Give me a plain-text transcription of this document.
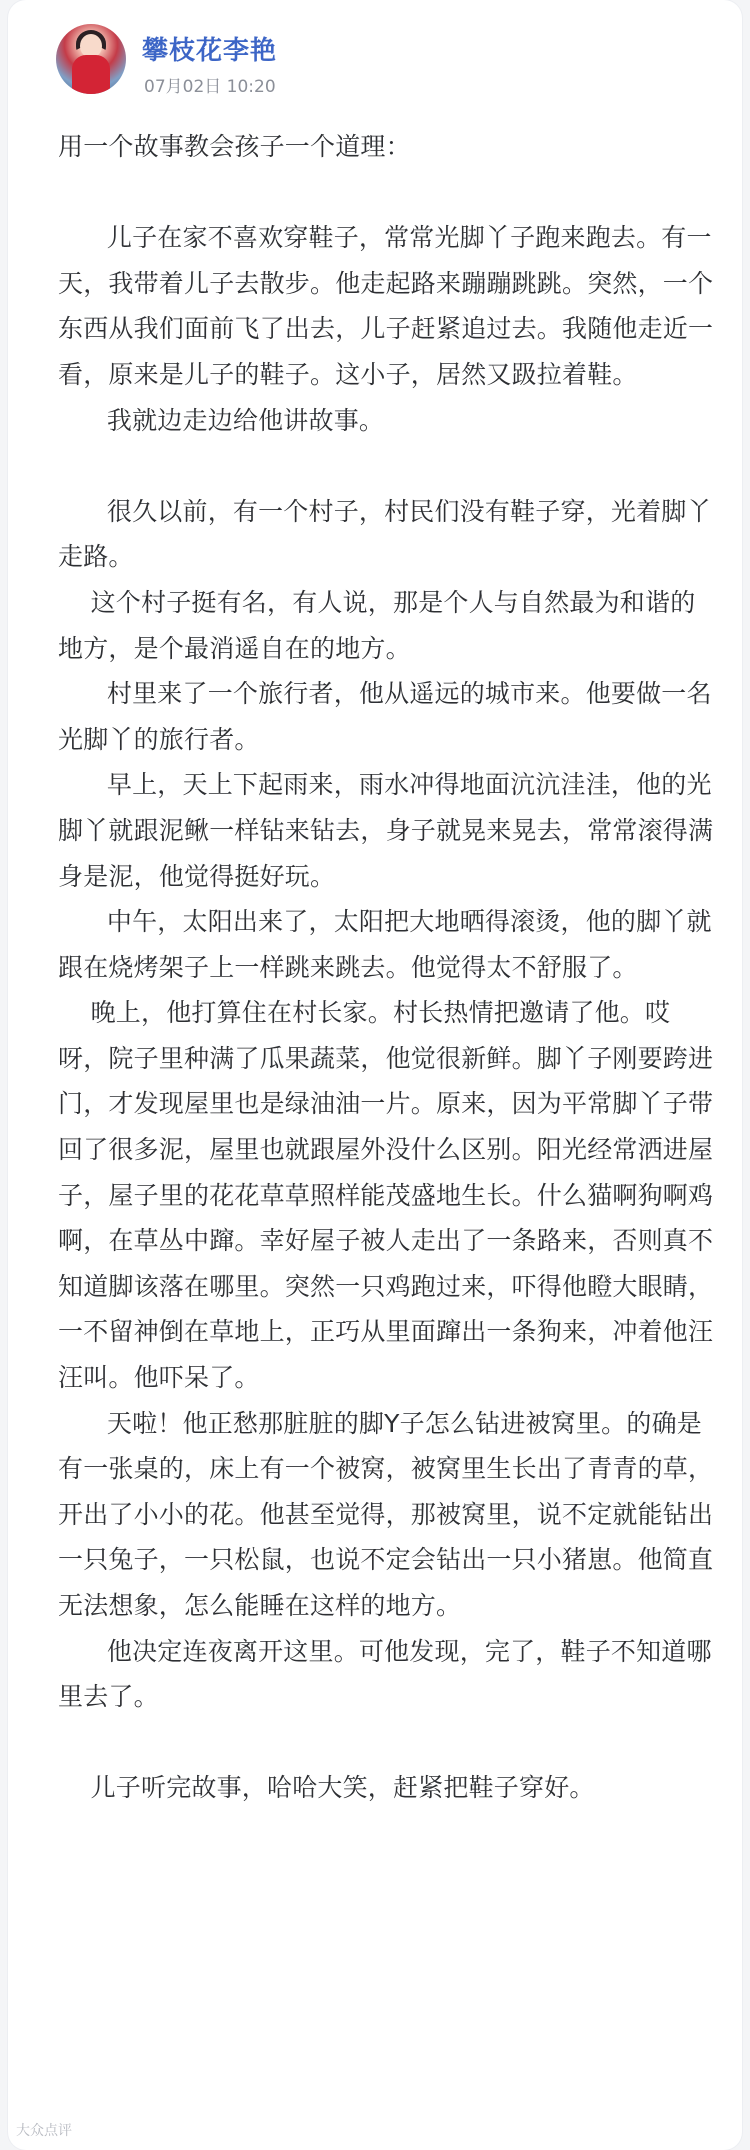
攀枝花李艳
07月02日 10:20

用一个故事教会孩子一个道理：

儿子在家不喜欢穿鞋子，常常光脚丫子跑来跑去。有一天，我带着儿子去散步。他走起路来蹦蹦跳跳。突然，一个东西从我们面前飞了出去，儿子赶紧追过去。我随他走近一看，原来是儿子的鞋子。这小子，居然又趿拉着鞋。

我就边走边给他讲故事。

很久以前，有一个村子，村民们没有鞋子穿，光着脚丫走路。

这个村子挺有名，有人说，那是个人与自然最为和谐的地方，是个最消遥自在的地方。

村里来了一个旅行者，他从遥远的城市来。他要做一名光脚丫的旅行者。

早上，天上下起雨来，雨水冲得地面沆沆洼洼，他的光脚丫就跟泥鳅一样钻来钻去，身子就晃来晃去，常常滚得满身是泥，他觉得挺好玩。

中午，太阳出来了，太阳把大地晒得滚烫，他的脚丫就跟在烧烤架子上一样跳来跳去。他觉得太不舒服了。

晚上，他打算住在村长家。村长热情把邀请了他。哎呀，院子里种满了瓜果蔬菜，他觉很新鲜。脚丫子刚要跨进门，才发现屋里也是绿油油一片。原来，因为平常脚丫子带回了很多泥，屋里也就跟屋外没什么区别。阳光经常洒进屋子，屋子里的花花草草照样能茂盛地生长。什么猫啊狗啊鸡啊，在草丛中蹿。幸好屋子被人走出了一条路来，否则真不知道脚该落在哪里。突然一只鸡跑过来，吓得他瞪大眼睛，一不留神倒在草地上，正巧从里面蹿出一条狗来，冲着他汪汪叫。他吓呆了。

天啦！他正愁那脏脏的脚Y子怎么钻进被窝里。的确是有一张桌的，床上有一个被窝，被窝里生长出了青青的草，开出了小小的花。他甚至觉得，那被窝里，说不定就能钻出一只兔子，一只松鼠，也说不定会钻出一只小猪崽。他简直无法想象，怎么能睡在这样的地方。

他决定连夜离开这里。可他发现，完了，鞋子不知道哪里去了。

儿子听完故事，哈哈大笑，赶紧把鞋子穿好。

大众点评
